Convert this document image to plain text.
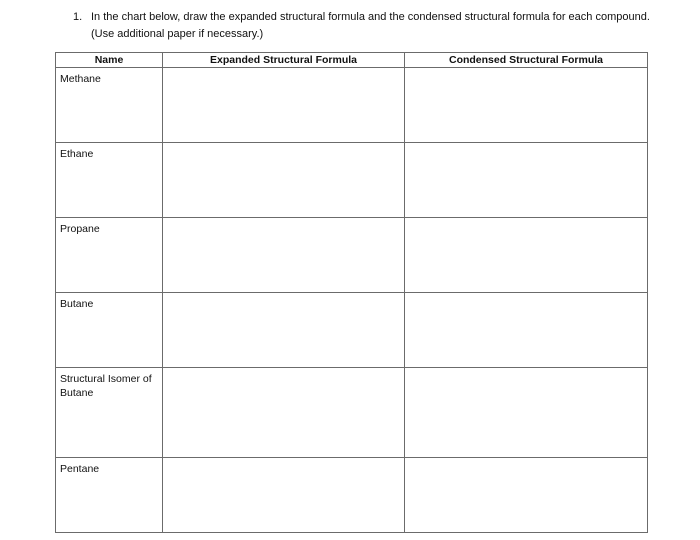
1. In the chart below, draw the expanded structural formula and the condensed structural formula for each compound. (Use additional paper if necessary.)
Name	Expanded Structural Formula	Condensed Structural Formula
Methane		
Ethane		
Propane		
Butane		
Structural Isomer of Butane		
Pentane		
